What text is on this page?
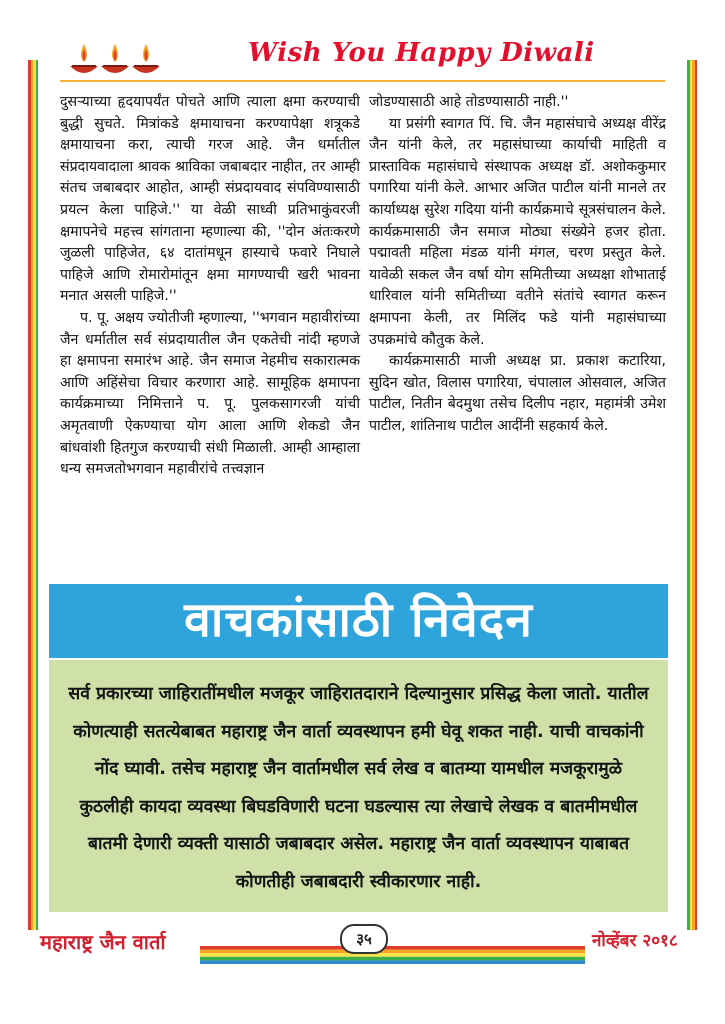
Wish You Happy Diwali

दुसऱ्याच्या हृदयापर्यंत पोचते आणि त्याला क्षमा करण्याची बुद्धी सुचते. मित्रांकडे क्षमायाचना करण्यापेक्षा शत्रूकडे क्षमायाचना करा, त्याची गरज आहे. जैन धर्मातील संप्रदायवादाला श्रावक श्राविका जबाबदार नाहीत, तर आम्ही संतच जबाबदार आहोत, आम्ही संप्रदायवाद संपविण्यासाठी प्रयत्न केला पाहिजे.'' या वेळी साध्वी प्रतिभाकुंवरजी क्षमापनेचे महत्त्व सांगताना म्हणाल्या की, ''दोन अंतःकरणे जुळली पाहिजेत, ६४ दातांमधून हास्याचे फवारे निघाले पाहिजे आणि रोमारोमांतून क्षमा मागण्याची खरी भावना मनात असली पाहिजे.''

प. पू. अक्षय ज्योतीजी म्हणाल्या, ''भगवान महावीरांच्या जैन धर्मातील सर्व संप्रदायातील जैन एकतेची नांदी म्हणजे हा क्षमापना समारंभ आहे. जैन समाज नेहमीच सकारात्मक आणि अहिंसेचा विचार करणारा आहे. सामूहिक क्षमापना कार्यक्रमाच्या निमित्ताने प. पू. पुलकसागरजी यांची अमृतवाणी ऐकण्याचा योग आला आणि शेकडो जैन बांधवांशी हितगुज करण्याची संधी मिळाली. आम्ही आम्हाला धन्य समजतोभगवान महावीरांचे तत्त्वज्ञान

जोडण्यासाठी आहे तोडण्यासाठी नाही.''

या प्रसंगी स्वागत पिं. चि. जैन महासंघाचे अध्यक्ष वीरेंद्र जैन यांनी केले, तर महासंघाच्या कार्याची माहिती व प्रास्ताविक महासंघाचे संस्थापक अध्यक्ष डॉ. अशोककुमार पगारिया यांनी केले. आभार अजित पाटील यांनी मानले तर कार्याध्यक्ष सुरेश गदिया यांनी कार्यक्रमाचे सूत्रसंचालन केले. कार्यक्रमासाठी जैन समाज मोठ्या संख्येने हजर होता. पद्मावती महिला मंडळ यांनी मंगल, चरण प्रस्तुत केले. यावेळी सकल जैन वर्षा योग समितीच्या अध्यक्षा शोभाताई धारिवाल यांनी समितीच्या वतीने संतांचे स्वागत करून क्षमापना केली, तर मिलिंद फडे यांनी महासंघाच्या उपक्रमांचे कौतुक केले.

कार्यक्रमासाठी माजी अध्यक्ष प्रा. प्रकाश कटारिया, सुदिन खोत, विलास पगारिया, चंपालाल ओसवाल, अजित पाटील, नितीन बेदमुथा तसेच दिलीप नहार, महामंत्री उमेश पाटील, शांतिनाथ पाटील आदींनी सहकार्य केले.

वाचकांसाठी निवेदन
सर्व प्रकारच्या जाहिरातींमधील मजकूर जाहिरातदाराने दिल्यानुसार प्रसिद्ध केला जातो. यातील कोणत्याही सतत्येबाबत महाराष्ट्र जैन वार्ता व्यवस्थापन हमी घेवू शकत नाही. याची वाचकांनी नोंद घ्यावी. तसेच महाराष्ट्र जैन वार्तामधील सर्व लेख व बातम्या यामधील मजकूरामुळे कुठलीही कायदा व्यवस्था बिघडविणारी घटना घडल्यास त्या लेखाचे लेखक व बातमीमधील बातमी देणारी व्यक्ती यासाठी जबाबदार असेल. महाराष्ट्र जैन वार्ता व्यवस्थापन याबाबत कोणतीही जबाबदारी स्वीकारणार नाही.
महाराष्ट्र जैन वार्ता	३५	नोव्हेंबर २०१८
